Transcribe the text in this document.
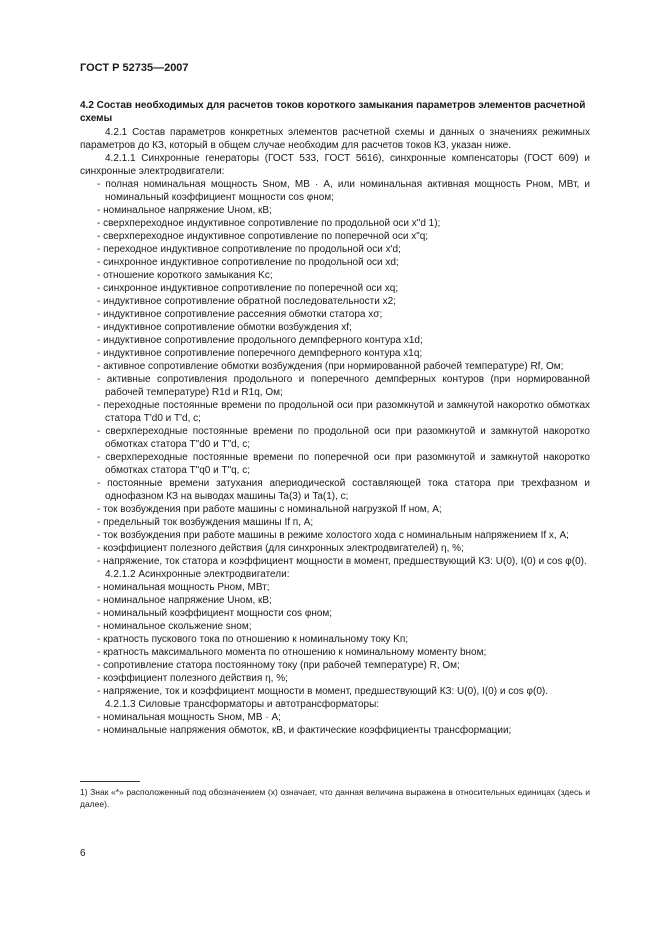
ГОСТ Р 52735—2007
4.2 Состав необходимых для расчетов токов короткого замыкания параметров элементов расчетной схемы
4.2.1 Состав параметров конкретных элементов расчетной схемы и данных о значениях режимных параметров до КЗ, который в общем случае необходим для расчетов токов КЗ, указан ниже.
4.2.1.1 Синхронные генераторы (ГОСТ 533, ГОСТ 5616), синхронные компенсаторы (ГОСТ 609) и синхронные электродвигатели:
- полная номинальная мощность Sном, МВ · А, или номинальная активная мощность Pном, МВт, и номинальный коэффициент мощности cos φном;
- номинальное напряжение Uном, кВ;
- сверхпереходное индуктивное сопротивление по продольной оси x"d 1);
- сверхпереходное индуктивное сопротивление по поперечной оси x"q;
- переходное индуктивное сопротивление по продольной оси x'd;
- синхронное индуктивное сопротивление по продольной оси xd;
- отношение короткого замыкания Kс;
- синхронное индуктивное сопротивление по поперечной оси xq;
- индуктивное сопротивление обратной последовательности x2;
- индуктивное сопротивление рассеяния обмотки статора xσ;
- индуктивное сопротивление обмотки возбуждения xf;
- индуктивное сопротивление продольного демпферного контура x1d;
- индуктивное сопротивление поперечного демпферного контура x1q;
- активное сопротивление обмотки возбуждения (при нормированной рабочей температуре) Rf, Ом;
- активные сопротивления продольного и поперечного демпферных контуров (при нормированной рабочей температуре) R1d и R1q, Ом;
- переходные постоянные времени по продольной оси при разомкнутой и замкнутой накоротко обмотках статора T'd0 и T'd, с;
- сверхпереходные постоянные времени по продольной оси при разомкнутой и замкнутой накоротко обмотках статора T"d0 и T"d, с;
- сверхпереходные постоянные времени по поперечной оси при разомкнутой и замкнутой накоротко обмотках статора T"q0 и T"q, с;
- постоянные времени затухания апериодической составляющей тока статора при трехфазном и однофазном КЗ на выводах машины Ta(3) и Ta(1), с;
- ток возбуждения при работе машины с номинальной нагрузкой If ном, А;
- предельный ток возбуждения машины If п, А;
- ток возбуждения при работе машины в режиме холостого хода с номинальным напряжением If х, А;
- коэффициент полезного действия (для синхронных электродвигателей) η, %;
- напряжение, ток статора и коэффициент мощности в момент, предшествующий КЗ: U(0), I(0) и cos φ(0).
4.2.1.2 Асинхронные электродвигатели:
- номинальная мощность Pном, МВт;
- номинальное напряжение Uном, кВ;
- номинальный коэффициент мощности cos φном;
- номинальное скольжение sном;
- кратность пускового тока по отношению к номинальному току Kп;
- кратность максимального момента по отношению к номинальному моменту bном;
- сопротивление статора постоянному току (при рабочей температуре) R, Ом;
- коэффициент полезного действия η, %;
- напряжение, ток и коэффициент мощности в момент, предшествующий КЗ: U(0), I(0) и cos φ(0).
4.2.1.3 Силовые трансформаторы и автотрансформаторы:
- номинальная мощность Sном, МВ · А;
- номинальные напряжения обмоток, кВ, и фактические коэффициенты трансформации;
1) Знак «*» расположенный под обозначением (x) означает, что данная величина выражена в относительных единицах (здесь и далее).
6
